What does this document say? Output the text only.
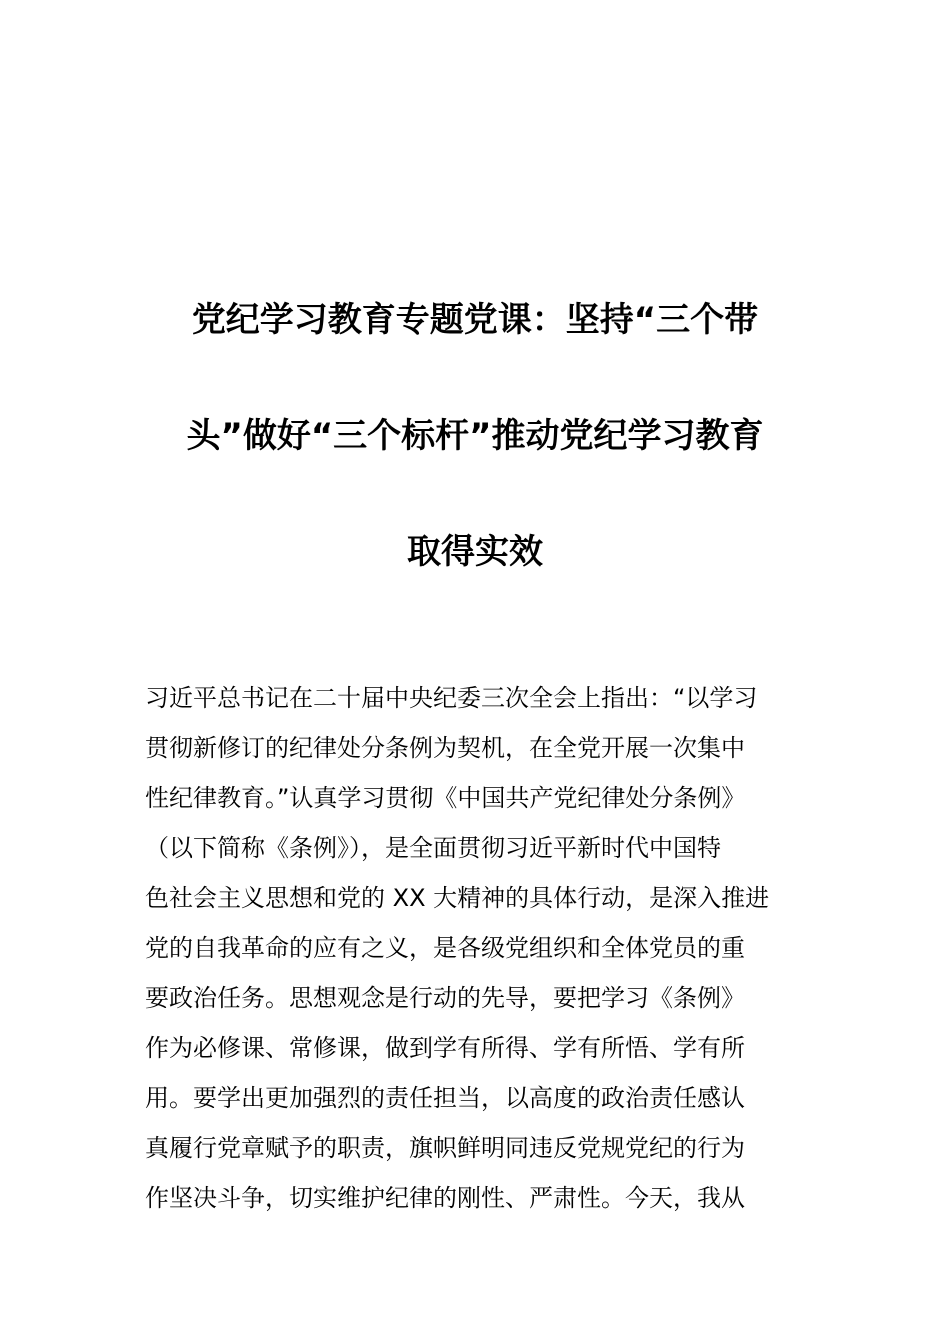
党纪学习教育专题党课：坚持“三个带
头”做好“三个标杆”推动党纪学习教育
取得实效
习近平总书记在二十届中央纪委三次全会上指出：“以学习
贯彻新修订的纪律处分条例为契机，在全党开展一次集中
性纪律教育。”认真学习贯彻《中国共产党纪律处分条例》
（以下简称《条例》），是全面贯彻习近平新时代中国特
色社会主义思想和党的 XX 大精神的具体行动，是深入推进
党的自我革命的应有之义，是各级党组织和全体党员的重
要政治任务。思想观念是行动的先导，要把学习《条例》
作为必修课、常修课，做到学有所得、学有所悟、学有所
用。要学出更加强烈的责任担当，以高度的政治责任感认
真履行党章赋予的职责，旗帜鲜明同违反党规党纪的行为
作坚决斗争，切实维护纪律的刚性、严肃性。今天，我从
